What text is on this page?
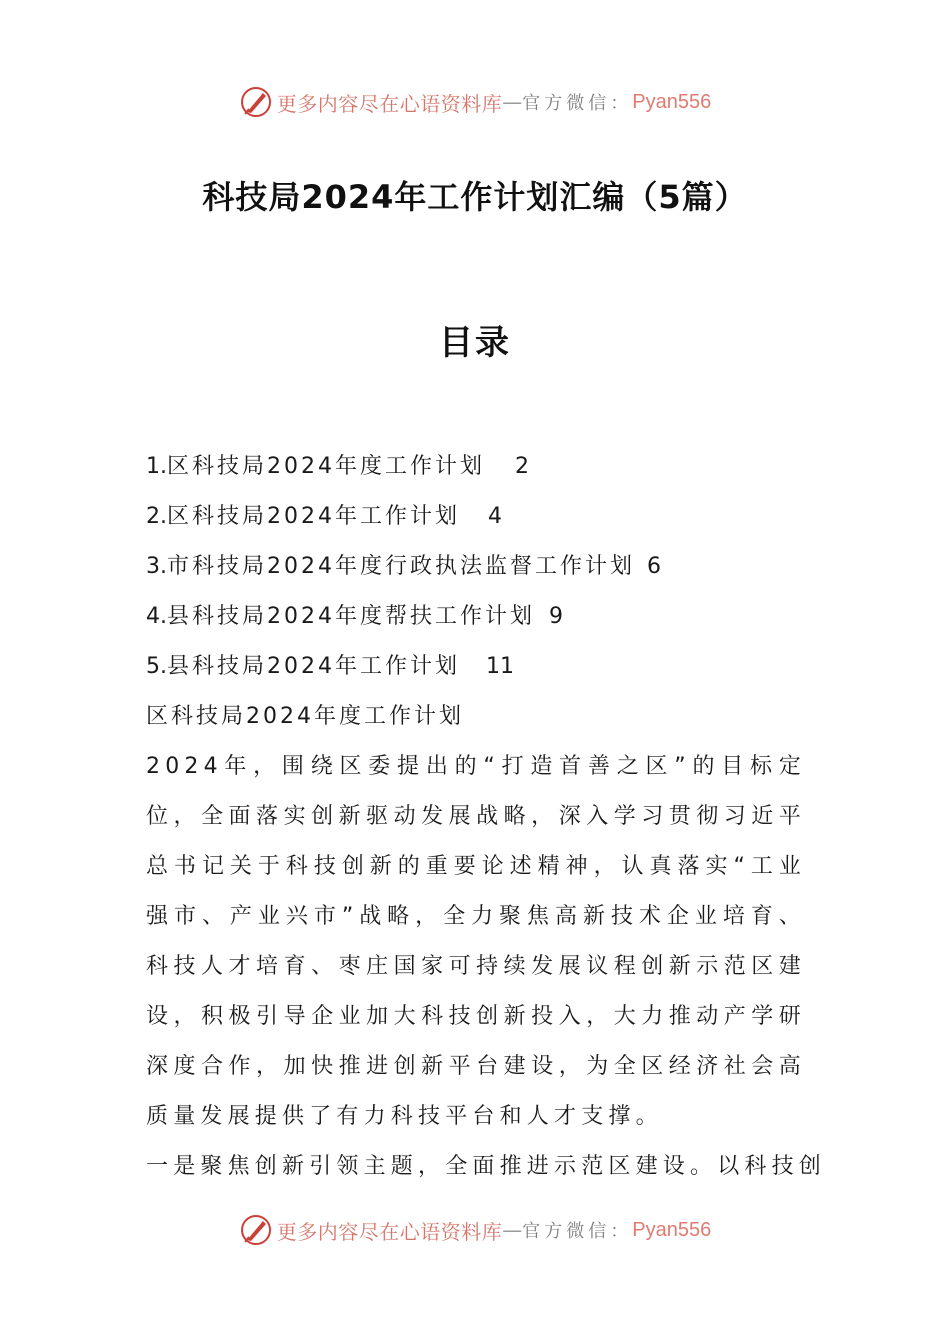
更多内容尽在心语资料库 — 官方微信： Pyan556
科技局2024年工作计划汇编（5篇）
目录
1.区科技局2024年度工作计划 2
2.区科技局2024年工作计划 4
3.市科技局2024年度行政执法监督工作计划 6
4.县科技局2024年度帮扶工作计划 9
5.县科技局2024年工作计划 11
区科技局2024年度工作计划

2024年，围绕区委提出的“打造首善之区”的目标定位，全面落实创新驱动发展战略，深入学习贯彻习近平总书记关于科技创新的重要论述精神，认真落实“工业强市、产业兴市”战略，全力聚焦高新技术企业培育、科技人才培育、枣庄国家可持续发展议程创新示范区建设，积极引导企业加大科技创新投入，大力推动产学研深度合作，加快推进创新平台建设，为全区经济社会高质量发展提供了有力科技平台和人才支撑。

一是聚焦创新引领主题，全面推进示范区建设。以科技创

更多内容尽在心语资料库 — 官方微信： Pyan556
